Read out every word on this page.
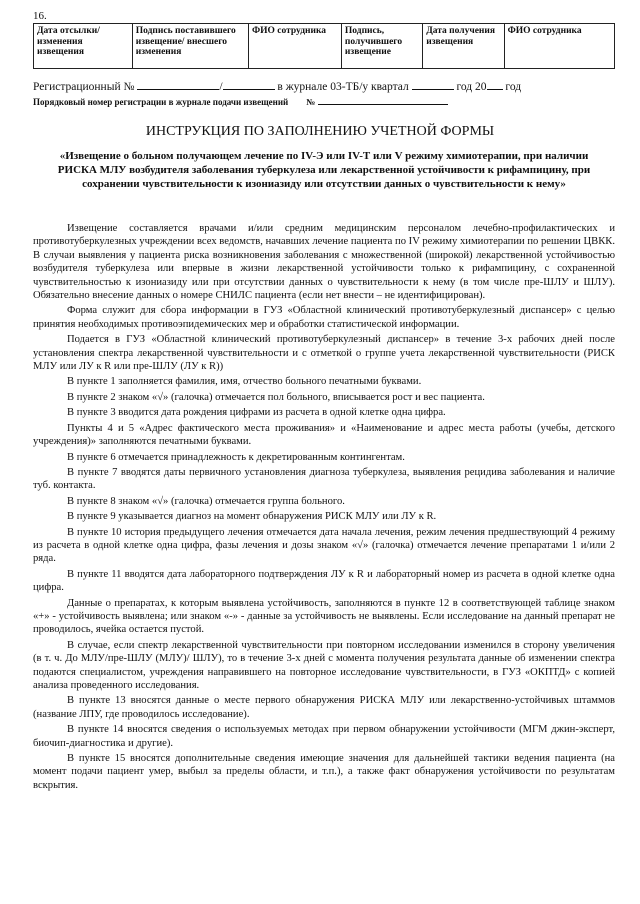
16.
Дата отсылки/ изменения извещения	Подпись поставившего извещение/ внесшего изменения	ФИО сотрудника	Подпись, получившего извещение	Дата получения извещения	ФИО сотрудника
Регистрационный №	/	в журнале 03-ТБ/у квартал	год 20 год
Порядковый номер регистрации в журнале подачи извещений №
ИНСТРУКЦИЯ ПО ЗАПОЛНЕНИЮ УЧЕТНОЙ ФОРМЫ
«Извещение о больном получающем лечение по IV-Э или IV-Т или V режиму химиотерапии, при наличии РИСКА МЛУ возбудителя заболевания туберкулеза или лекарственной устойчивости к рифампицину, при сохранении чувствительности к изониазиду или отсутствии данных о чувствительности к нему»

Извещение составляется врачами и/или средним медицинским персоналом лечебно-профилактических и противотуберкулезных учреждении всех ведомств, начавших лечение пациента по IV режиму химиотерапии по решении ЦВКК. В случаи выявления у пациента риска возникновения заболевания с множественной (широкой) лекарственной устойчивостью возбудителя туберкулеза или впервые в жизни лекарственной устойчивости только к рифампицину, с сохраненной чувствительностью к изониазиду или при отсутствии данных о чувствительности к нему (в том числе пре-ШЛУ и ШЛУ). Обязательно внесение данных о номере СНИЛС пациента (если нет внести – не идентифицирован).

Форма служит для сбора информации в ГУЗ «Областной клинический противотуберкулезный диспансер» с целью принятия необходимых противоэпидемических мер и обработки статистической информации.

Подается в ГУЗ «Областной клинический противотуберкулезный диспансер» в течение 3-х рабочих дней после установления спектра лекарственной чувствительности и с отметкой о группе учета лекарственной чувствительности (РИСК МЛУ или ЛУ к R или пре-ШЛУ (ЛУ к R))

В пункте 1 заполняется фамилия, имя, отчество больного печатными буквами.

В пункте 2 знаком «√» (галочка) отмечается пол больного, вписывается рост и вес пациента.

В пункте 3 вводится дата рождения цифрами из расчета в одной клетке одна цифра.

Пункты 4 и 5 «Адрес фактического места проживания» и «Наименование и адрес места работы (учебы, детского учреждения)» заполняются печатными буквами.

В пункте 6 отмечается принадлежность к декретированным контингентам.

В пункте 7 вводятся даты первичного установления диагноза туберкулеза, выявления рецидива заболевания и наличие туб. контакта.

В пункте 8 знаком «√» (галочка) отмечается группа больного.

В пункте 9 указывается диагноз на момент обнаружения РИСК МЛУ или ЛУ к R.

В пункте 10 история предыдущего лечения отмечается дата начала лечения, режим лечения предшествующий 4 режиму из расчета в одной клетке одна цифра, фазы лечения и дозы знаком «√» (галочка) отмечается лечение препаратами 1 и/или 2 ряда.

В пункте 11 вводятся дата лабораторного подтверждения ЛУ к R и лабораторный номер из расчета в одной клетке одна цифра.

Данные о препаратах, к которым выявлена устойчивость, заполняются в пункте 12 в соответствующей таблице знаком «+» - устойчивость выявлена; или знаком «-» - данные за устойчивость не выявлены. Если исследование на данный препарат не проводилось, ячейка остается пустой.

В случае, если спектр лекарственной чувствительности при повторном исследовании изменился в сторону увеличения (в т. ч. До МЛУ/пре-ШЛУ (МЛУ)/ ШЛУ), то в течение 3-х дней с момента получения результата данные об изменении спектра подаются специалистом, учреждения направившего на повторное исследование чувствительности, в ГУЗ «ОКПТД» с копией анализа проведенного исследования.

В пункте 13 вносятся данные о месте первого обнаружения РИСКА МЛУ или лекарственно-устойчивых штаммов (название ЛПУ, где проводилось исследование).

В пункте 14 вносятся сведения о используемых методах при первом обнаружении устойчивости (МГМ джин-эксперт, биочип-диагностика и другие).

В пункте 15 вносятся дополнительные сведения имеющие значения для дальнейшей тактики ведения пациента (на момент подачи пациент умер, выбыл за пределы области, и т.п.), а также факт обнаружения устойчивости по результатам вскрытия.
